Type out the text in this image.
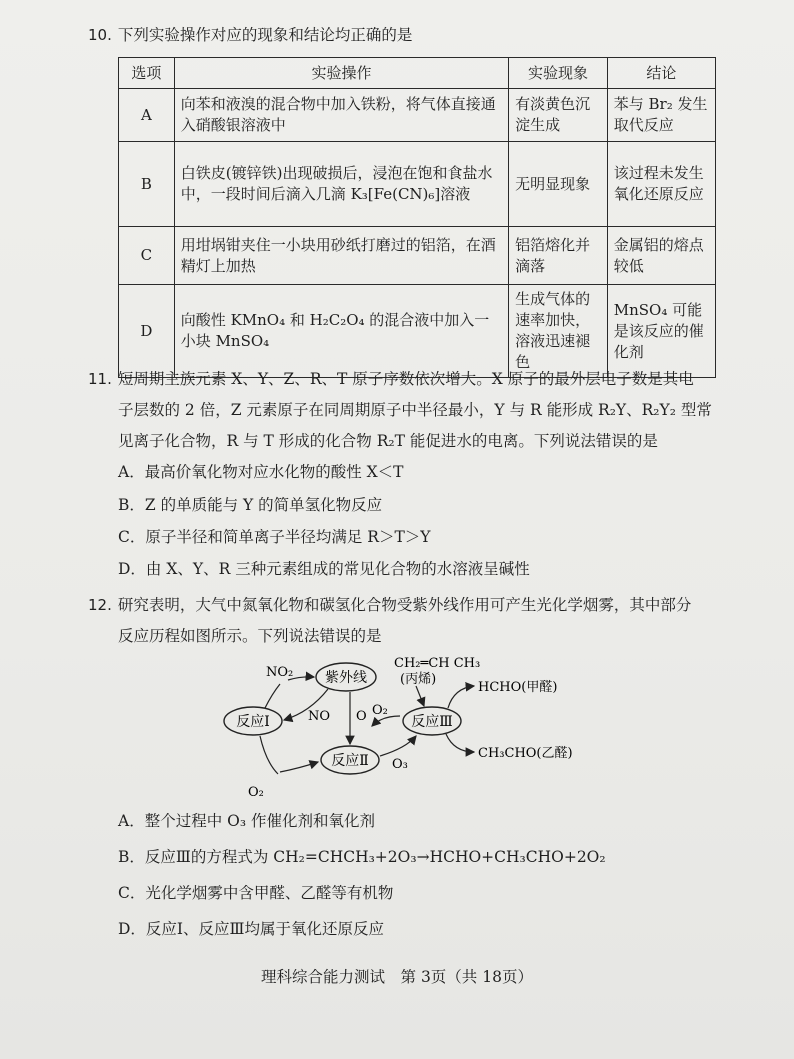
10. 下列实验操作对应的现象和结论均正确的是
选项	实验操作	实验现象	结论
A	向苯和液溴的混合物中加入铁粉，将气体直接通入硝酸银溶液中	有淡黄色沉淀生成	苯与 Br₂ 发生取代反应
B	白铁皮(镀锌铁)出现破损后，浸泡在饱和食盐水中，一段时间后滴入几滴 K₃[Fe(CN)₆]溶液	无明显现象	该过程未发生氧化还原反应
C	用坩埚钳夹住一小块用砂纸打磨过的铝箔，在酒精灯上加热	铝箔熔化并滴落	金属铝的熔点较低
D	向酸性 KMnO₄ 和 H₂C₂O₄ 的混合液中加入一小块 MnSO₄	生成气体的速率加快，溶液迅速褪色	MnSO₄ 可能是该反应的催化剂
11. 短周期主族元素 X、Y、Z、R、T 原子序数依次增大。X 原子的最外层电子数是其电
子层数的 2 倍，Z 元素原子在同周期原子中半径最小，Y 与 R 能形成 R₂Y、R₂Y₂ 型常
见离子化合物，R 与 T 形成的化合物 R₂T 能促进水的电离。下列说法错误的是
A．最高价氧化物对应水化物的酸性 X＜T
B．Z 的单质能与 Y 的简单氢化物反应
C．原子半径和简单离子半径均满足 R＞T＞Y
D．由 X、Y、R 三种元素组成的常见化合物的水溶液呈碱性
12. 研究表明，大气中氮氧化物和碳氢化合物受紫外线作用可产生光化学烟雾，其中部分
反应历程如图所示。下列说法错误的是
紫外线
反应Ⅰ
反应Ⅱ
反应Ⅲ
NO₂
NO O
O₂
O₃
O₂
CH₂═CH CH₃
(丙烯)
HCHO(甲醛)
CH₃CHO(乙醛)
A．整个过程中 O₃ 作催化剂和氧化剂
B．反应Ⅲ的方程式为 CH₂=CHCH₃+2O₃→HCHO+CH₃CHO+2O₂
C．光化学烟雾中含甲醛、乙醛等有机物
D．反应Ⅰ、反应Ⅲ均属于氧化还原反应
理科综合能力测试　第 3页（共 18页）
